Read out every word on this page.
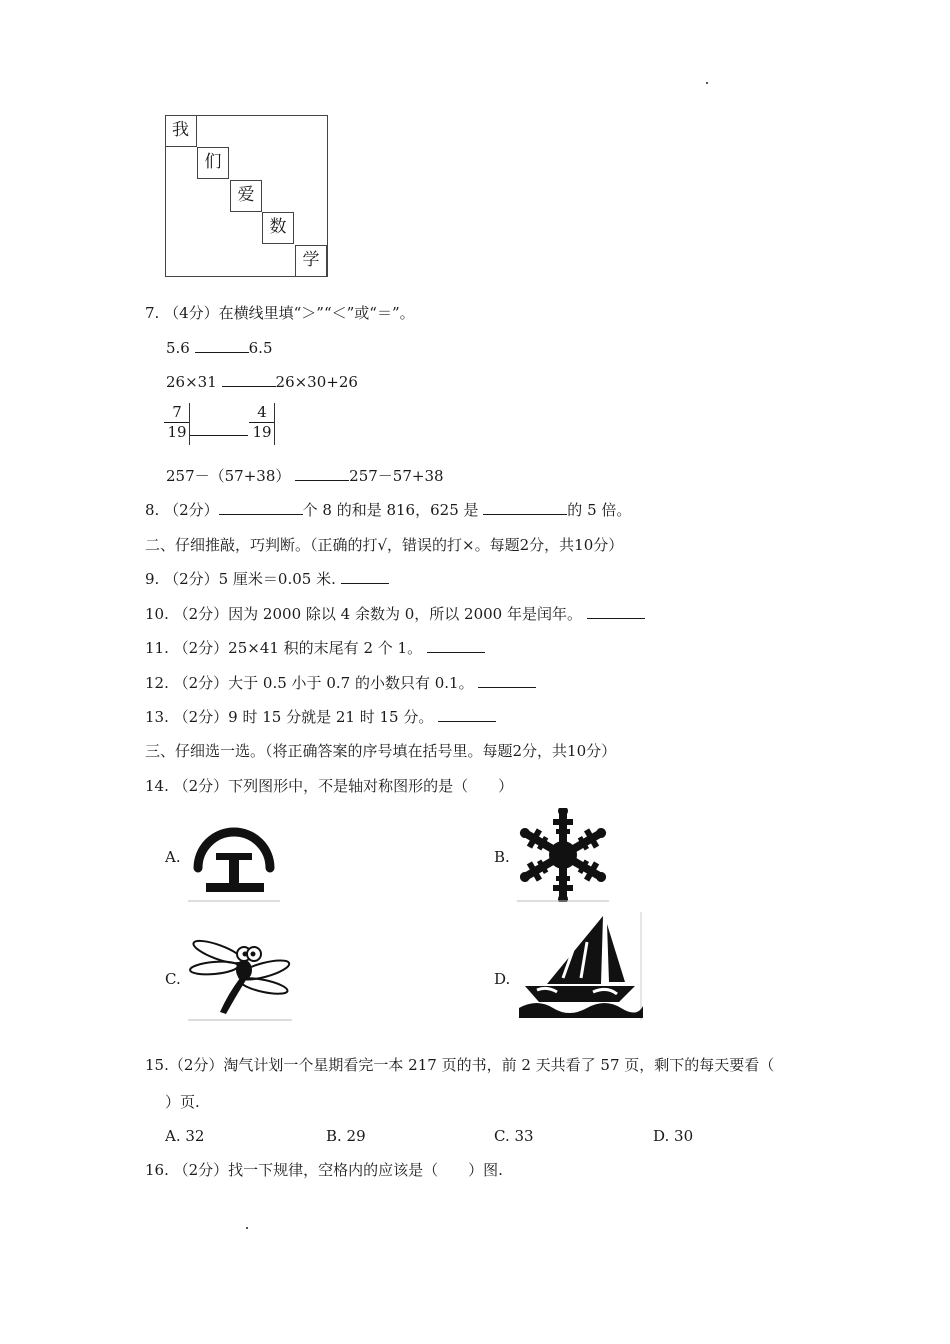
我
们
爱
数
学
7. （4分）在横线里填“＞”“＜”或“＝”。
5.6	6.5
26×31	26×30+26
7
19
4
19
257－（57+38）	257－57+38
8. （2分）	个 8 的和是 816，625 是	的 5 倍。
二、仔细推敲，巧判断。（正确的打√，错误的打×。每题2分，共10分）
9. （2分）5 厘米＝0.05 米.
10. （2分）因为 2000 除以 4 余数为 0，所以 2000 年是闰年。
11. （2分）25×41 积的末尾有 2 个 1。
12. （2分）大于 0.5 小于 0.7 的小数只有 0.1。
13. （2分）9 时 15 分就是 21 时 15 分。
三、仔细选一选。（将正确答案的序号填在括号里。每题2分，共10分）
14. （2分）下列图形中，不是轴对称图形的是（　　）
A.	B.
C.	D.
15.（2分）淘气计划一个星期看完一本 217 页的书，前 2 天共看了 57 页，剩下的每天要看（
）页.
A. 32	B. 29	C. 33	D. 30
16. （2分）找一下规律，空格内的应该是（　　）图.
